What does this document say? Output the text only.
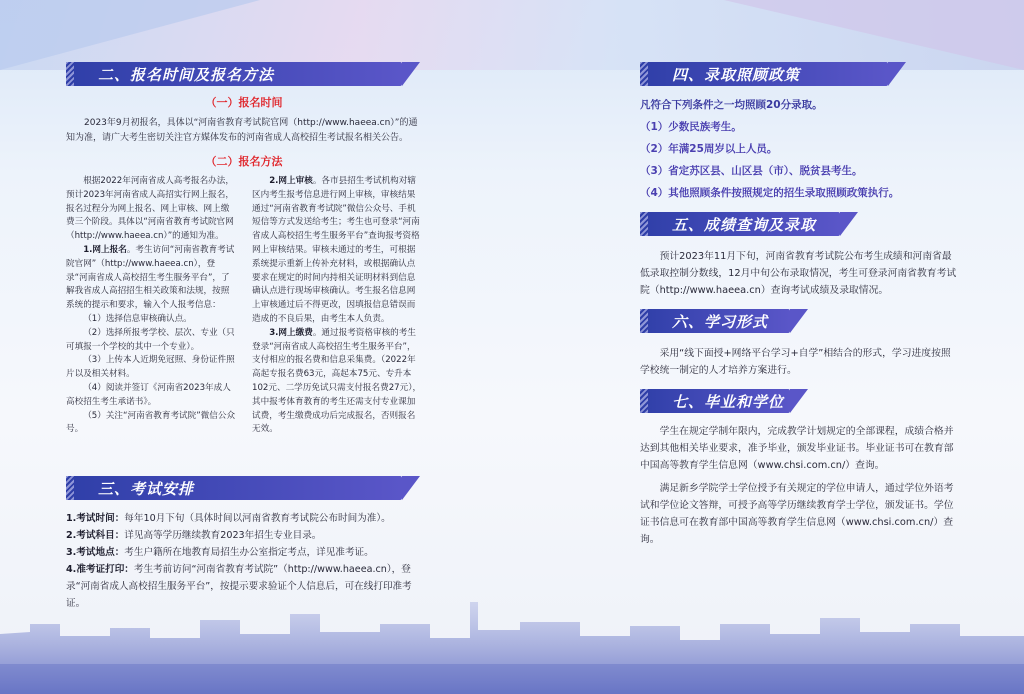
二、报名时间及报名方法
（一）报名时间

2023年9月初报名，具体以“河南省教育考试院官网（http://www.haeea.cn）”的通知为准，请广大考生密切关注官方媒体发布的河南省成人高校招生考试报名相关公告。

（二）报名方法

根据2022年河南省成人高考报名办法，预计2023年河南省成人高招实行网上报名，报名过程分为网上报名、网上审核、网上缴费三个阶段。具体以“河南省教育考试院官网（http://www.haeea.cn）”的通知为准。

1.网上报名。考生访问“河南省教育考试院官网”（http://www.haeea.cn），登录“河南省成人高校招生考生服务平台”，了解我省成人高招招生相关政策和法规，按照系统的提示和要求，输入个人报考信息：

（1）选择信息审核确认点。

（2）选择所报考学校、层次、专业（只可填报一个学校的其中一个专业）。

（3）上传本人近期免冠照、身份证件照片以及相关材料。

（4）阅读并签订《河南省2023年成人高校招生考生承诺书》。

（5）关注“河南省教育考试院”微信公众号。

2.网上审核。各市县招生考试机构对辖区内考生报考信息进行网上审核，审核结果通过“河南省教育考试院”微信公众号、手机短信等方式发送给考生；考生也可登录“河南省成人高校招生考生服务平台”查询报考资格网上审核结果。审核未通过的考生，可根据系统提示重新上传补充材料，或根据确认点要求在规定的时间内持相关证明材料到信息确认点进行现场审核确认。考生报名信息网上审核通过后不得更改，因填报信息错误而造成的不良后果，由考生本人负责。

3.网上缴费。通过报考资格审核的考生登录“河南省成人高校招生考生服务平台”，支付相应的报名费和信息采集费。（2022年高起专报名费63元，高起本75元、专升本102元、二学历免试只需支付报名费27元），其中报考体育教育的考生还需支付专业课加试费，考生缴费成功后完成报名，否则报名无效。

三、考试安排

1.考试时间：每年10月下旬（具体时间以河南省教育考试院公布时间为准）。

2.考试科目：详见高等学历继续教育2023年招生专业目录。

3.考试地点：考生户籍所在地教育局招生办公室指定考点，详见准考证。

4.准考证打印：考生考前访问“河南省教育考试院”（http://www.haeea.cn），登录“河南省成人高校招生服务平台”，按提示要求验证个人信息后，可在线打印准考证。

四、录取照顾政策
凡符合下列条件之一均照顾20分录取。
（1）少数民族考生。
（2）年满25周岁以上人员。
（3）省定苏区县、山区县（市）、脱贫县考生。
（4）其他照顾条件按照规定的招生录取照顾政策执行。
五、成绩查询及录取

预计2023年11月下旬，河南省教育考试院公布考生成绩和河南省最低录取控制分数线，12月中旬公布录取情况，考生可登录河南省教育考试院（http://www.haeea.cn）查询考试成绩及录取情况。

六、学习形式

采用“线下面授+网络平台学习+自学”相结合的形式，学习进度按照学校统一制定的人才培养方案进行。

七、毕业和学位

学生在规定学制年限内，完成教学计划规定的全部课程，成绩合格并达到其他相关毕业要求，准予毕业，颁发毕业证书。毕业证书可在教育部中国高等教育学生信息网（www.chsi.com.cn/）查询。

满足新乡学院学士学位授予有关规定的学位申请人，通过学位外语考试和学位论文答辩，可授予高等学历继续教育学士学位，颁发证书。学位证书信息可在教育部中国高等教育学生信息网（www.chsi.com.cn/）查询。
